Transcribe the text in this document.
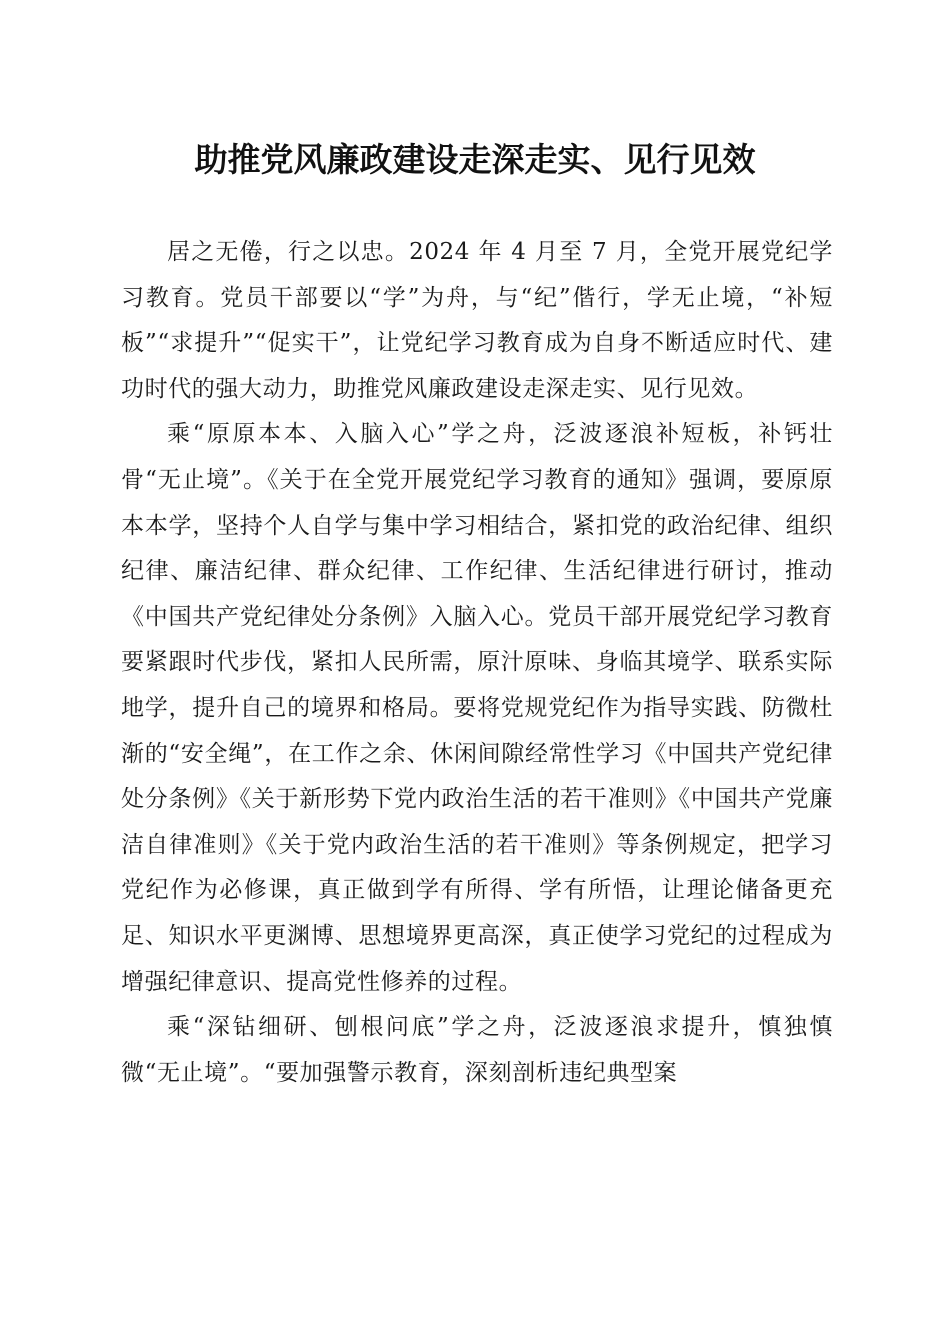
助推党风廉政建设走深走实、见行见效

居之无倦，行之以忠。2024 年 4 月至 7 月，全党开展党纪学习教育。党员干部要以“学”为舟，与“纪”偕行，学无止境，“补短板”“求提升”“促实干”，让党纪学习教育成为自身不断适应时代、建功时代的强大动力，助推党风廉政建设走深走实、见行见效。

乘“原原本本、入脑入心”学之舟，泛波逐浪补短板，补钙壮骨“无止境”。《关于在全党开展党纪学习教育的通知》强调，要原原本本学，坚持个人自学与集中学习相结合，紧扣党的政治纪律、组织纪律、廉洁纪律、群众纪律、工作纪律、生活纪律进行研讨，推动《中国共产党纪律处分条例》入脑入心。党员干部开展党纪学习教育要紧跟时代步伐，紧扣人民所需，原汁原味、身临其境学、联系实际地学，提升自己的境界和格局。要将党规党纪作为指导实践、防微杜渐的“安全绳”，在工作之余、休闲间隙经常性学习《中国共产党纪律处分条例》《关于新形势下党内政治生活的若干准则》《中国共产党廉洁自律准则》《关于党内政治生活的若干准则》等条例规定，把学习党纪作为必修课，真正做到学有所得、学有所悟，让理论储备更充足、知识水平更渊博、思想境界更高深，真正使学习党纪的过程成为增强纪律意识、提高党性修养的过程。

乘“深钻细研、刨根问底”学之舟，泛波逐浪求提升，慎独慎微“无止境”。“要加强警示教育，深刻剖析违纪典型案
